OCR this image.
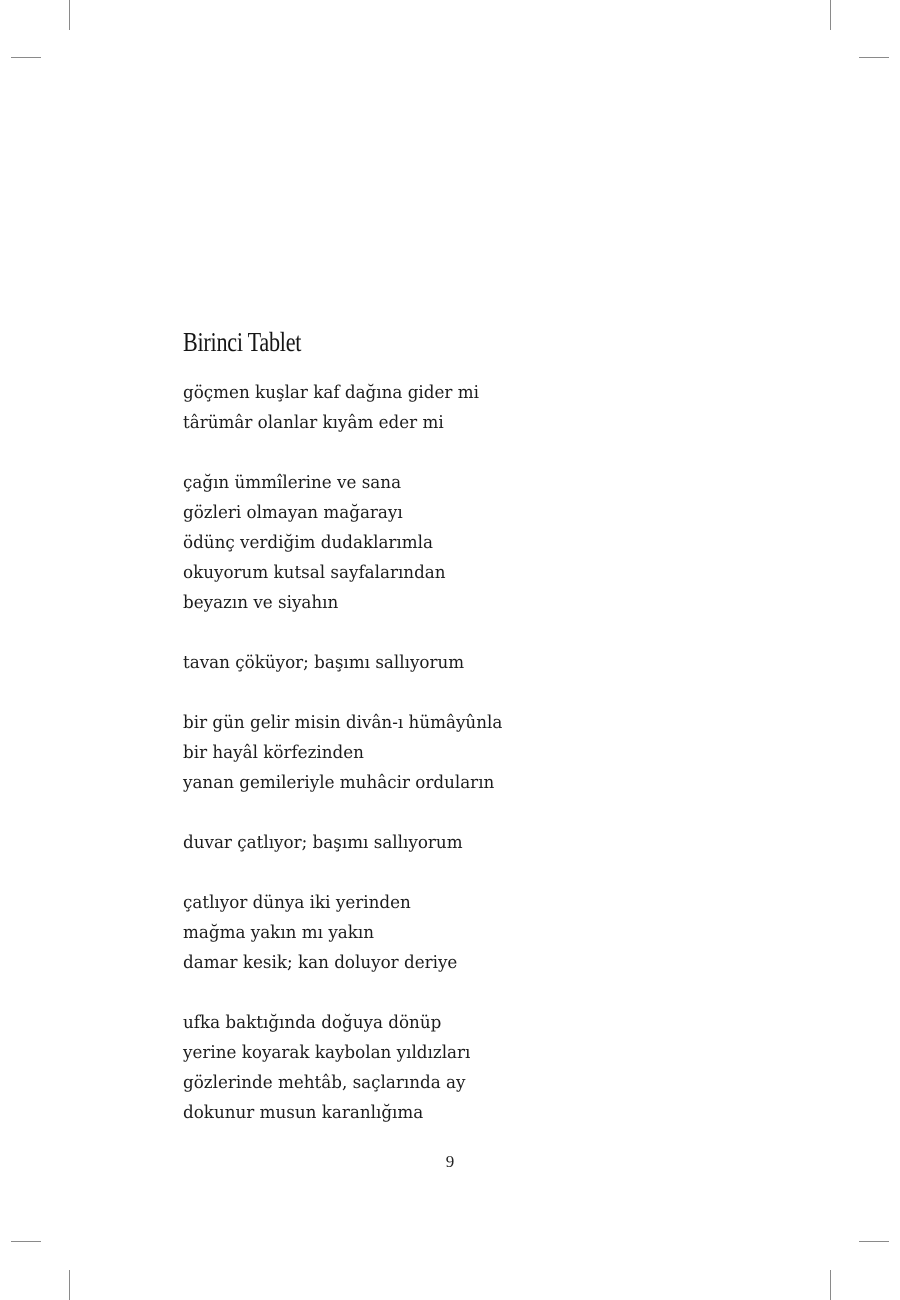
Birinci Tablet
göçmen kuşlar kaf dağına gider mi
târümâr olanlar kıyâm eder mi
çağın ümmîlerine ve sana
gözleri olmayan mağarayı
ödünç verdiğim dudaklarımla
okuyorum kutsal sayfalarından
beyazın ve siyahın
tavan çöküyor; başımı sallıyorum
bir gün gelir misin divân-ı hümâyûnla
bir hayâl körfezinden
yanan gemileriyle muhâcir orduların
duvar çatlıyor; başımı sallıyorum
çatlıyor dünya iki yerinden
mağma yakın mı yakın
damar kesik; kan doluyor deriye
ufka baktığında doğuya dönüp
yerine koyarak kaybolan yıldızları
gözlerinde mehtâb, saçlarında ay
dokunur musun karanlığıma
9
